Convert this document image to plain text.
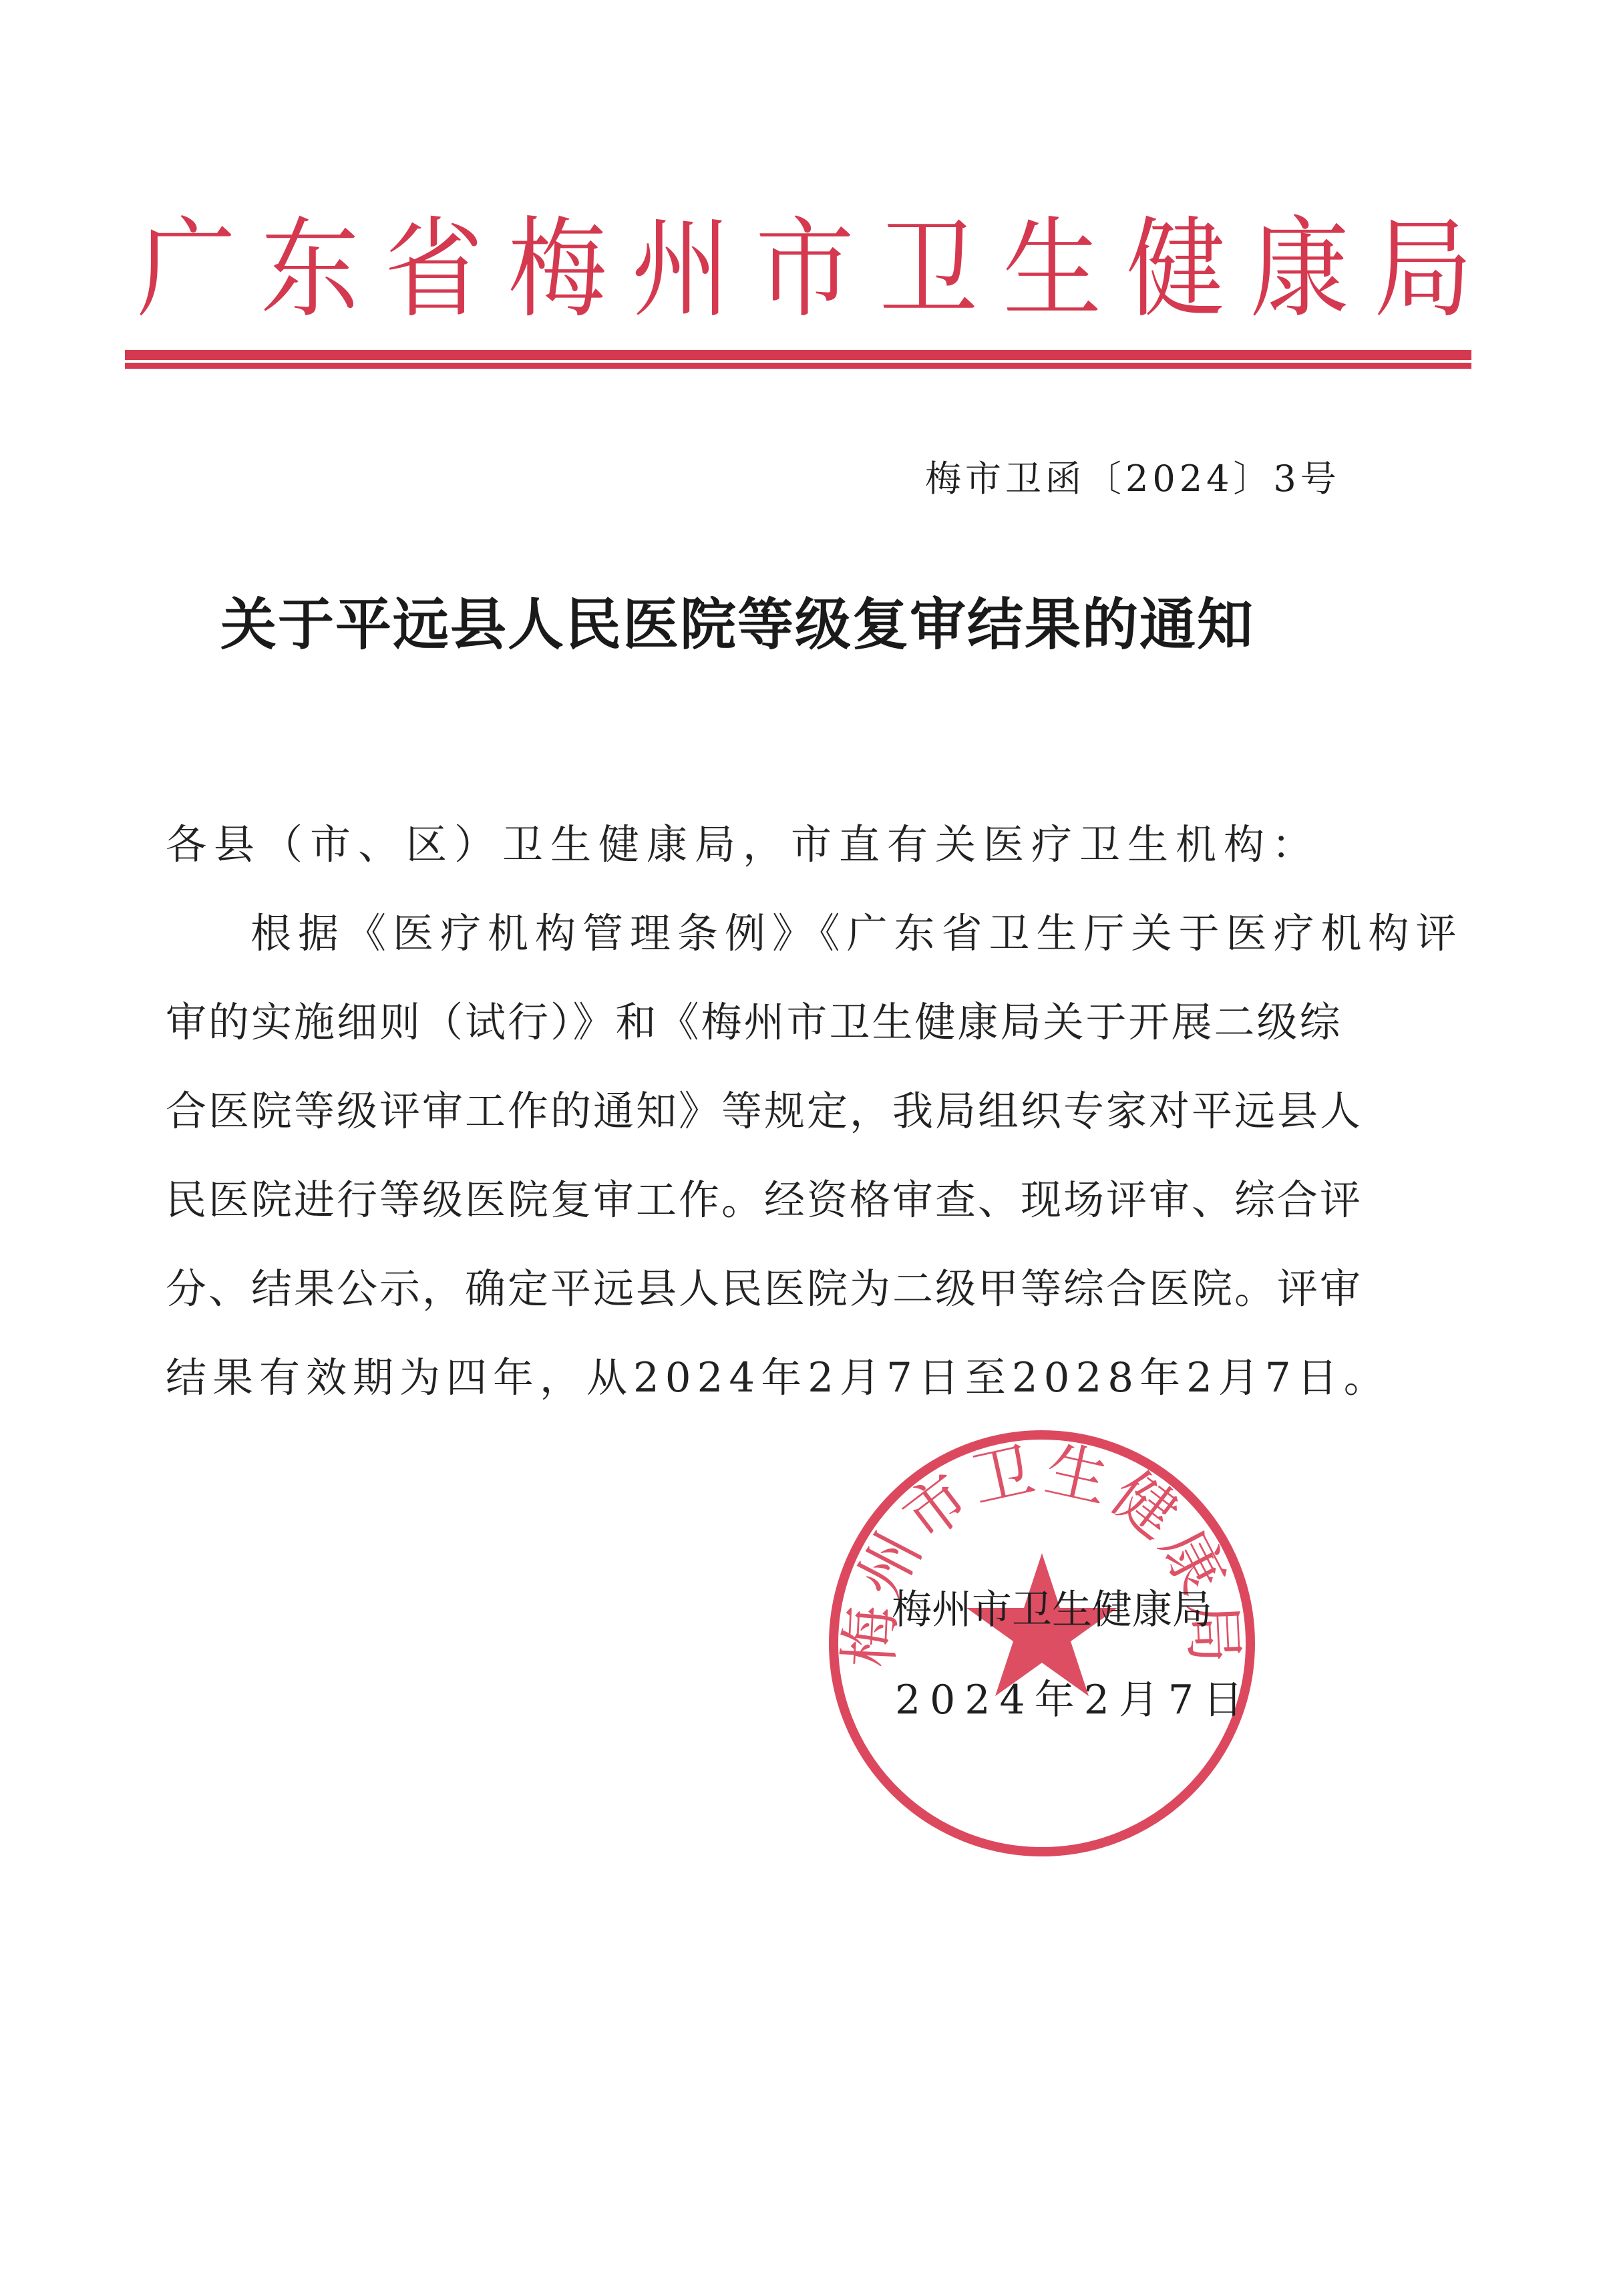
广 东 省 梅 州 市 卫 生 健 康 局
梅市卫函〔2024〕3号
关于平远县人民医院等级复审结果的通知
各县（市、区）卫生健康局，市直有关医疗卫生机构：
根据《医疗机构管理条例》《广东省卫生厅关于医疗机构评
审的实施细则（试行）》和《梅州市卫生健康局关于开展二级综
合医院等级评审工作的通知》等规定，我局组织专家对平远县人
民医院进行等级医院复审工作。经资格审查、现场评审、综合评
分、结果公示，确定平远县人民医院为二级甲等综合医院。评审
结果有效期为四年，从2024年2月7日至2028年2月7日。
梅州市卫生健康局
梅州市卫生健康局
2024年2月7日
